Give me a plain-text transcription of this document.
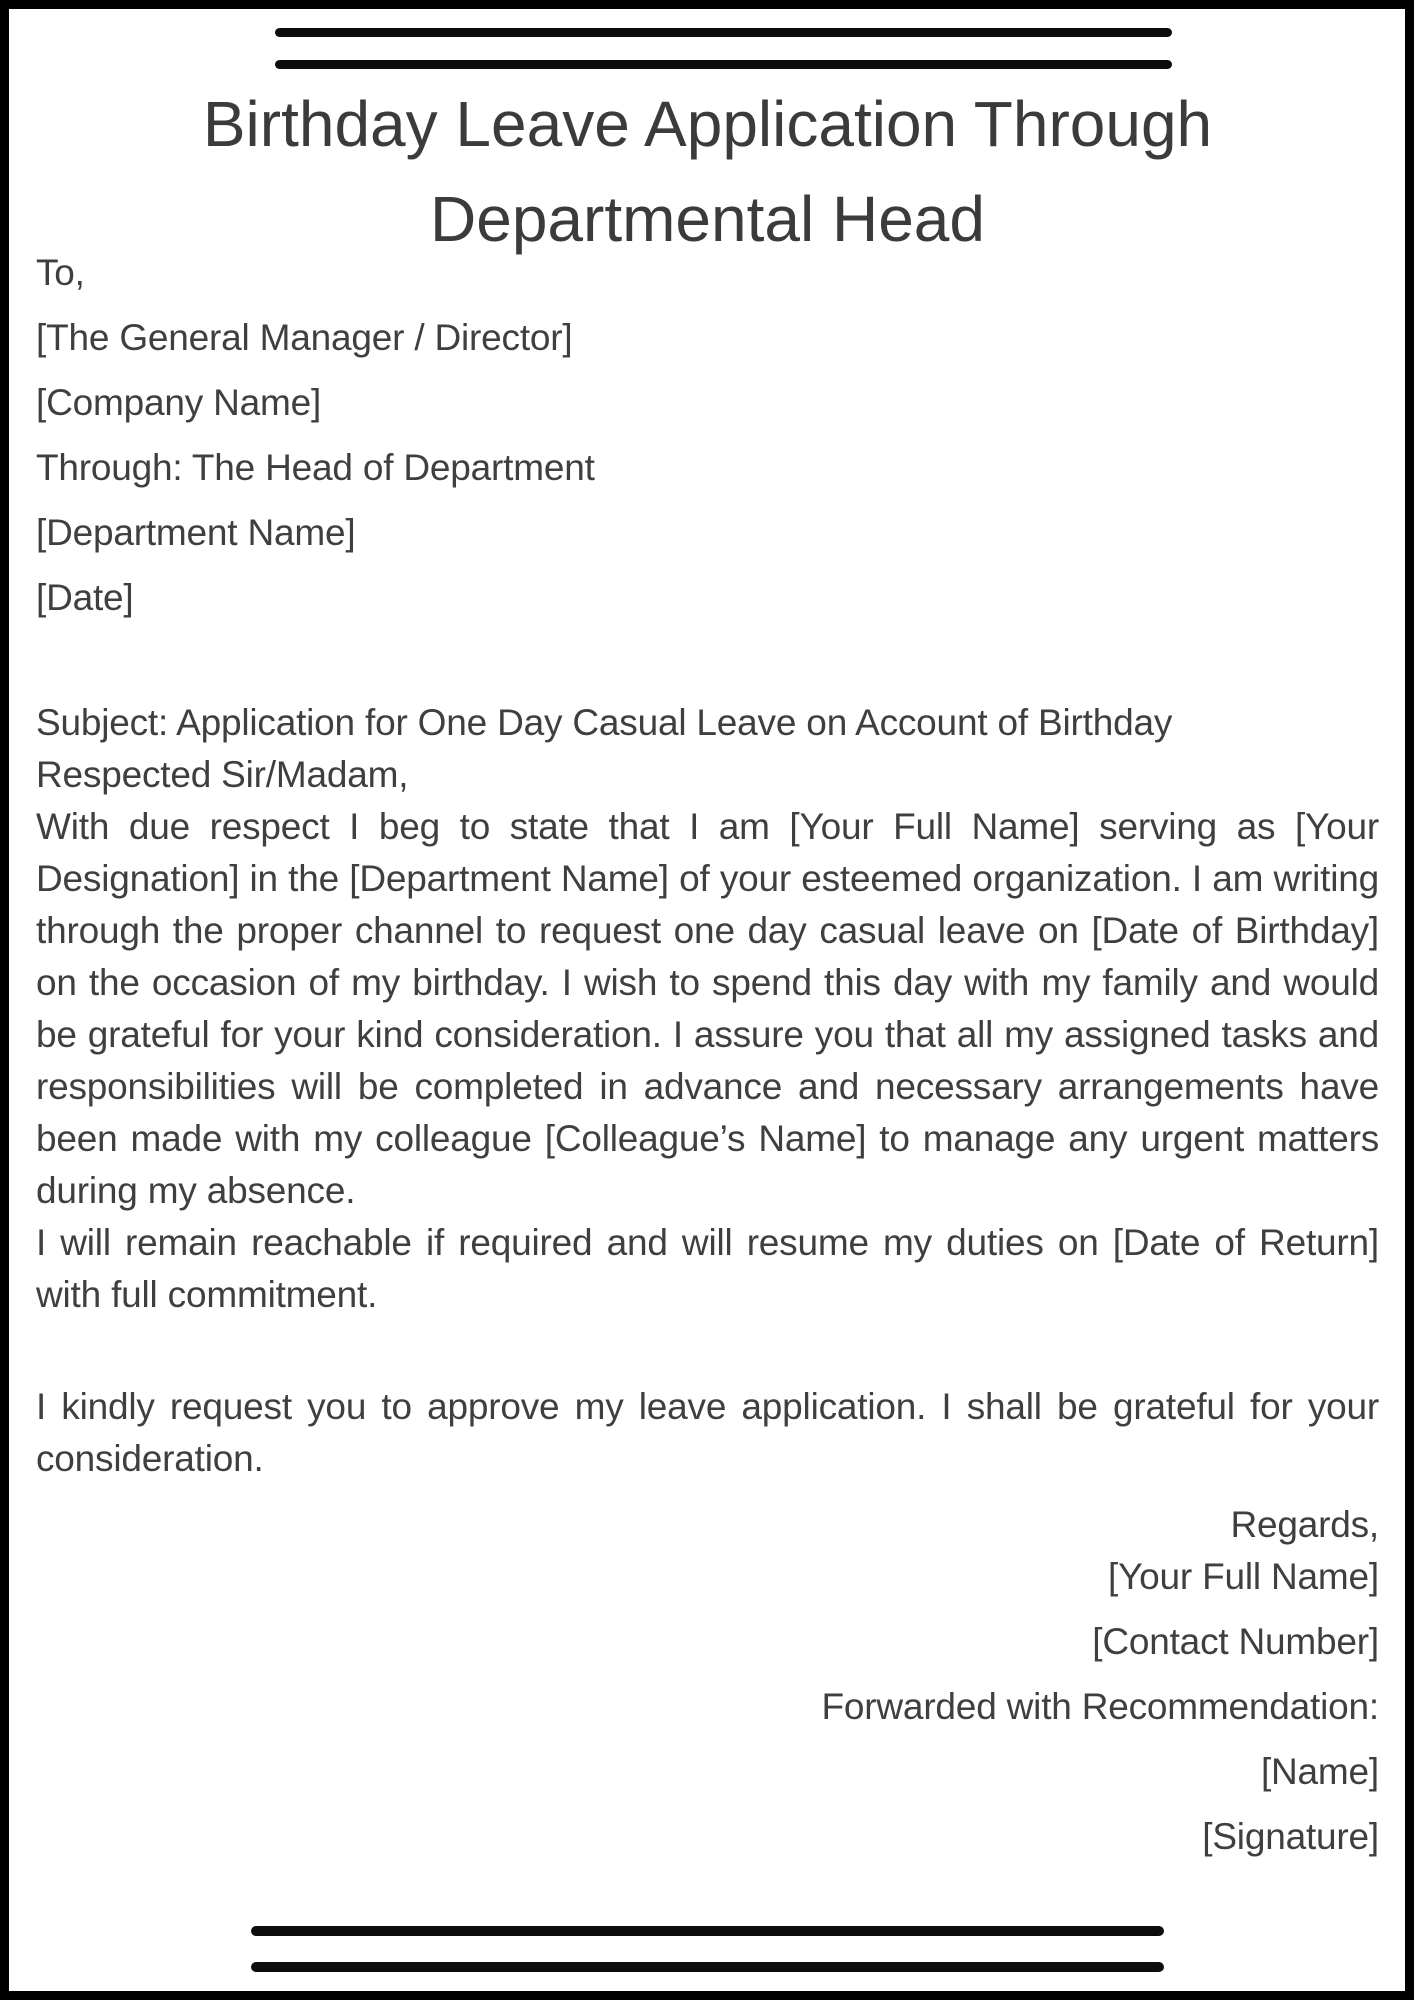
Birthday Leave Application Through Departmental Head

To,

[The General Manager / Director]

[Company Name]

Through: The Head of Department

[Department Name]

[Date]

Subject: Application for One Day Casual Leave on Account of Birthday

Respected Sir/Madam,

With due respect I beg to state that I am [Your Full Name] serving as [Your Designation] in the [Department Name] of your esteemed organization. I am writing through the proper channel to request one day casual leave on [Date of Birthday] on the occasion of my birthday. I wish to spend this day with my family and would be grateful for your kind consideration. I assure you that all my assigned tasks and responsibilities will be completed in advance and necessary arrangements have been made with my colleague [Colleague’s Name] to manage any urgent matters during my absence.

I will remain reachable if required and will resume my duties on [Date of Return] with full commitment.

I kindly request you to approve my leave application. I shall be grateful for your consideration.

Regards,

[Your Full Name]

[Contact Number]

Forwarded with Recommendation:

[Name]

[Signature]
